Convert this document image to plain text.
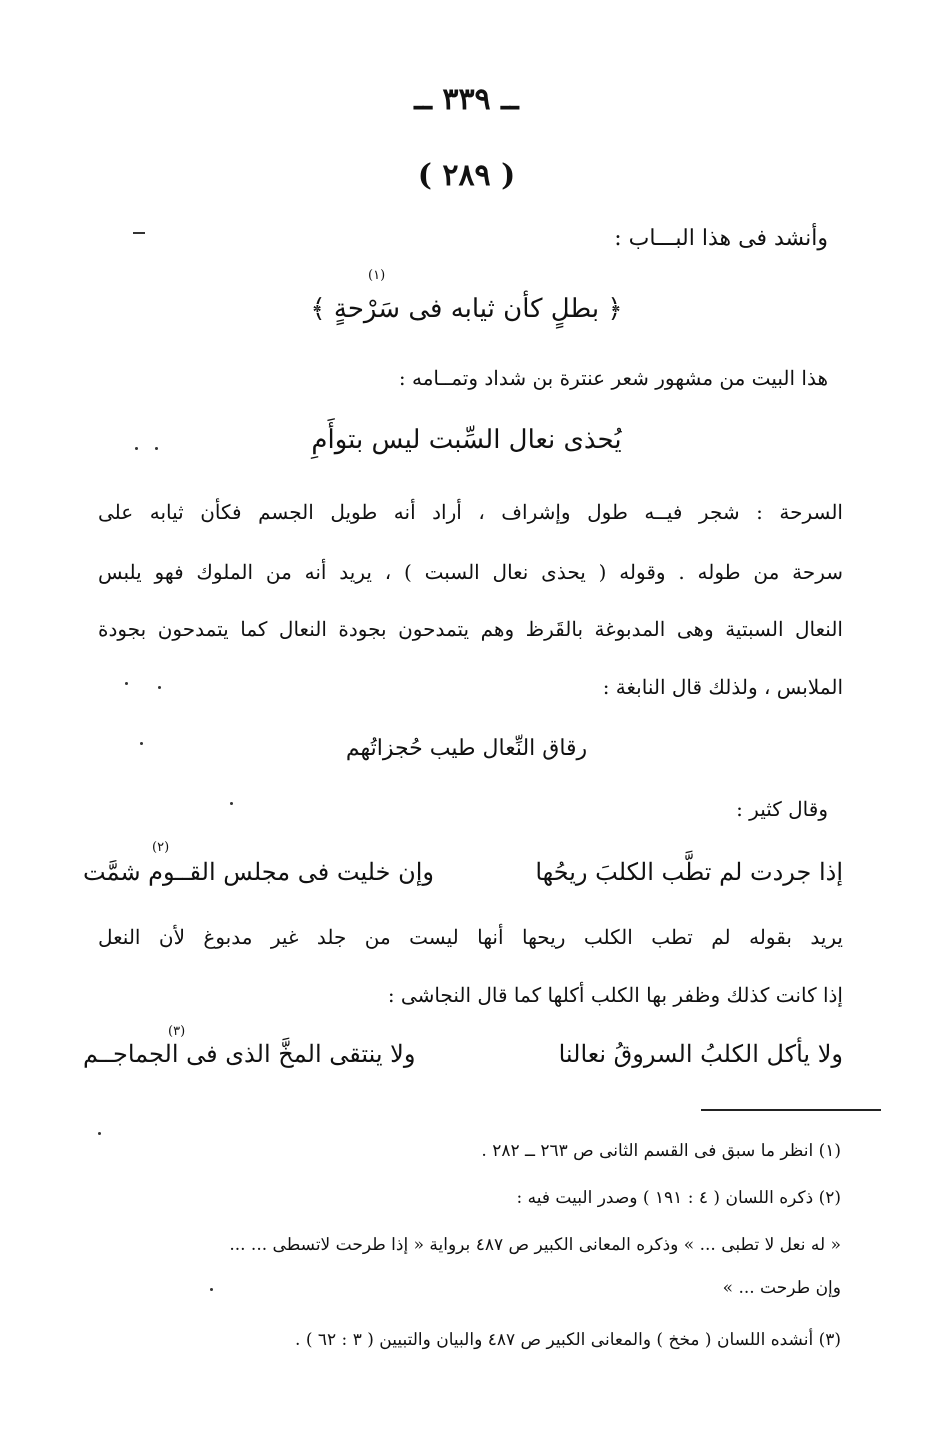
ــ ٣٣٩ ــ
( ٢٨٩ )
وأنشد فى هذا البـــاب :
﴿ بطلٍ كأن ثيابه فى سَرْحةٍ ﴾
(١)
هذا البيت من مشهور شعر عنترة بن شداد وتمــامه :
يُحذى نعال السِّبت ليس بتوأَمِ
السرحة : شجر فيــه طول وإشراف ، أراد أنه طويل الجسم فكأن ثيابه على
سرحة من طوله . وقوله ( يحذى نعال السبت ) ، يريد أنه من الملوك فهو يلبس
النعال السبتية وهى المدبوغة بالقَرظ وهم يتمدحون بجودة النعال كما يتمدحون بجودة
الملابس ، ولذلك قال النابغة :
رقاق النِّعال طيب حُجزاتُهم
وقال كثير :
إذا جردت لم تطَّب الكلبَ ريحُها
وإن خليت فى مجلس القــوم شمَّت
(٢)
يريد بقوله لم تطب الكلب ريحها أنها ليست من جلد غير مدبوغ لأن النعل
إذا كانت كذلك وظفر بها الكلب أكلها كما قال النجاشى :
ولا يأكل الكلبُ السروقُ نعالنا
ولا ينتقى المخَّ الذى فى الجماجــم
(٣)
(١) انظر ما سبق فى القسم الثانى ص ٢٦٣ ــ ٢٨٢ .
(٢) ذكره اللسان ( ٤ : ١٩١ ) وصدر البيت فيه :
« له نعل لا تطبى ... » وذكره المعانى الكبير ص ٤٨٧ برواية « إذا طرحت لاتسطى ... ...
وإن طرحت ... »
(٣) أنشده اللسان ( مخخ ) والمعانى الكبير ص ٤٨٧ والبيان والتبيين ( ٣ : ٦٢ ) .
